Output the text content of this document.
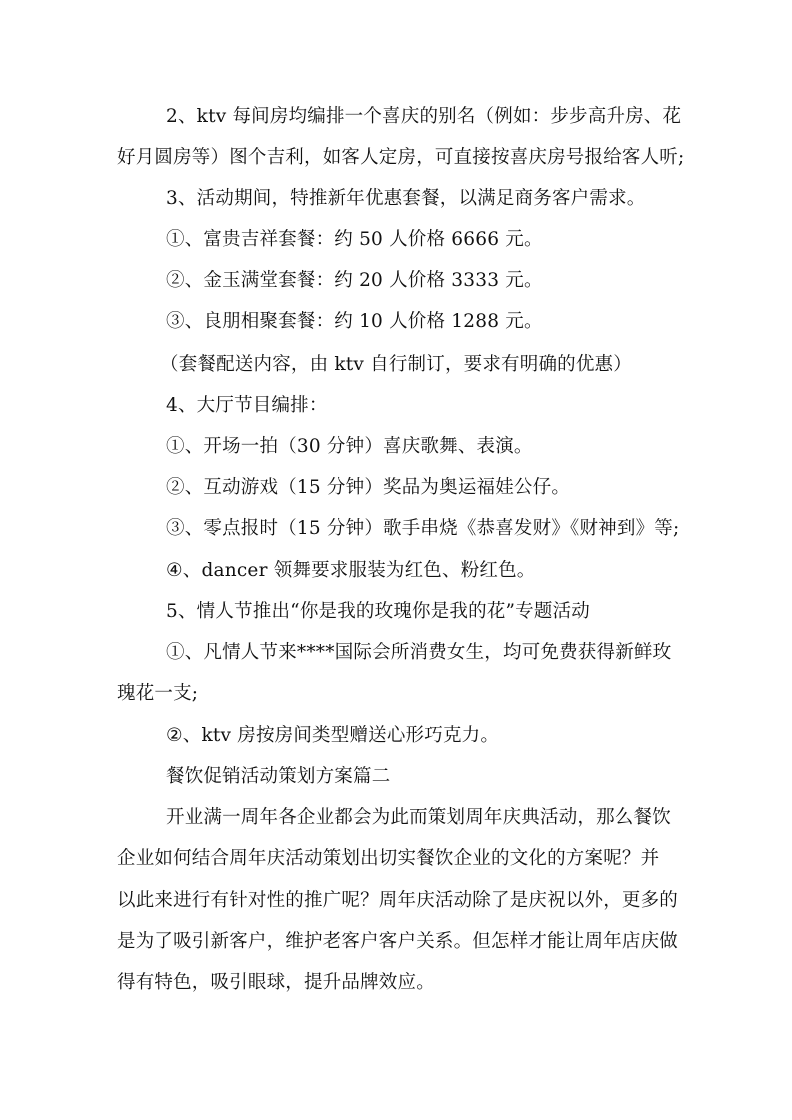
2、ktv 每间房均编排一个喜庆的别名（例如：步步高升房、花
好月圆房等）图个吉利，如客人定房，可直接按喜庆房号报给客人听;
3、活动期间，特推新年优惠套餐，以满足商务客户需求。
①、富贵吉祥套餐：约 50 人价格 6666 元。
②、金玉满堂套餐：约 20 人价格 3333 元。
③、良朋相聚套餐：约 10 人价格 1288 元。
（套餐配送内容，由 ktv 自行制订，要求有明确的优惠）
4、大厅节目编排：
①、开场一拍（30 分钟）喜庆歌舞、表演。
②、互动游戏（15 分钟）奖品为奥运福娃公仔。
③、零点报时（15 分钟）歌手串烧《恭喜发财》《财神到》等;
④、dancer 领舞要求服装为红色、粉红色。
5、情人节推出“你是我的玫瑰你是我的花”专题活动
①、凡情人节来****国际会所消费女生，均可免费获得新鲜玫
瑰花一支;
②、ktv 房按房间类型赠送心形巧克力。
餐饮促销活动策划方案篇二
开业满一周年各企业都会为此而策划周年庆典活动，那么餐饮
企业如何结合周年庆活动策划出切实餐饮企业的文化的方案呢？并
以此来进行有针对性的推广呢？周年庆活动除了是庆祝以外，更多的
是为了吸引新客户，维护老客户客户关系。但怎样才能让周年店庆做
得有特色，吸引眼球，提升品牌效应。
